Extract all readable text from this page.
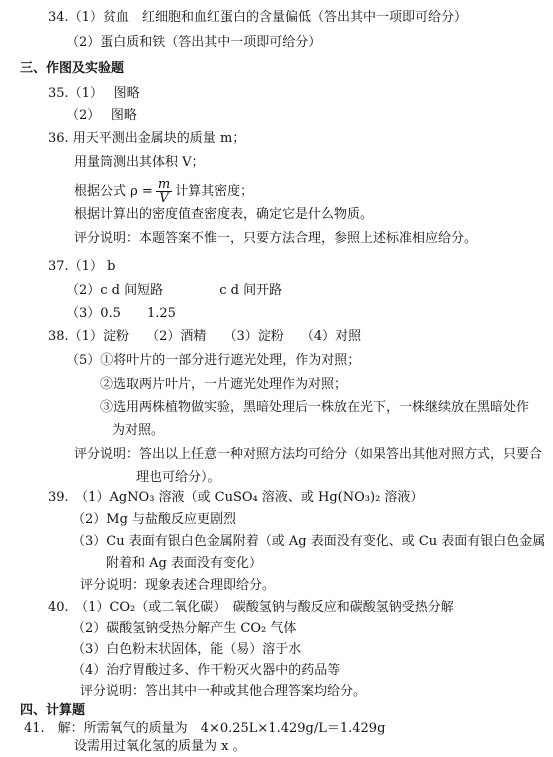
34.（1）贫血　红细胞和血红蛋白的含量偏低（答出其中一项即可给分）
（2）蛋白质和铁（答出其中一项即可给分）
三、作图及实验题
35.（1）　 图略
（2）　 图略
36. 用天平测出金属块的质量 m；
用量筒测出其体积 V；
根据公式 $\rho = \frac{m}{V}$ 计算其密度；
根据计算出的密度值查密度表，确定它是什么物质。
评分说明：本题答案不惟一，只要方法合理，参照上述标准相应给分。
37.（1） b
（2）c d 间短路　　　　 c d 间开路
（3）0.5　　1.25
38.（1）淀粉　 （2）酒精　 （3）淀粉　 （4）对照
（5）①将叶片的一部分进行遮光处理，作为对照；
②选取两片叶片，一片遮光处理作为对照；
③选用两株植物做实验，黑暗处理后一株放在光下，一株继续放在黑暗处作
为对照。
评分说明：答出以上任意一种对照方法均可给分（如果答出其他对照方式，只要合
理也可给分）。
39.　（1）AgNO₃ 溶液（或 CuSO₄ 溶液、或 Hg(NO₃)₂ 溶液）
（2）Mg 与盐酸反应更剧烈
（3）Cu 表面有银白色金属附着（或 Ag 表面没有变化、或 Cu 表面有银白色金属
附着和 Ag 表面没有变化）
评分说明：现象表述合理即给分。
40.　（1）CO₂（或二氧化碳）　碳酸氢钠与酸反应和碳酸氢钠受热分解
（2）碳酸氢钠受热分解产生 CO₂ 气体
（3）白色粉末状固体，能（易）溶于水
（4）治疗胃酸过多、作干粉灭火器中的药品等
评分说明：答出其中一种或其他合理答案均给分。
四、计算题
41.　解：所需氧气的质量为　4×0.25L×1.429g/L＝1.429g
设需用过氧化氢的质量为 x 。
